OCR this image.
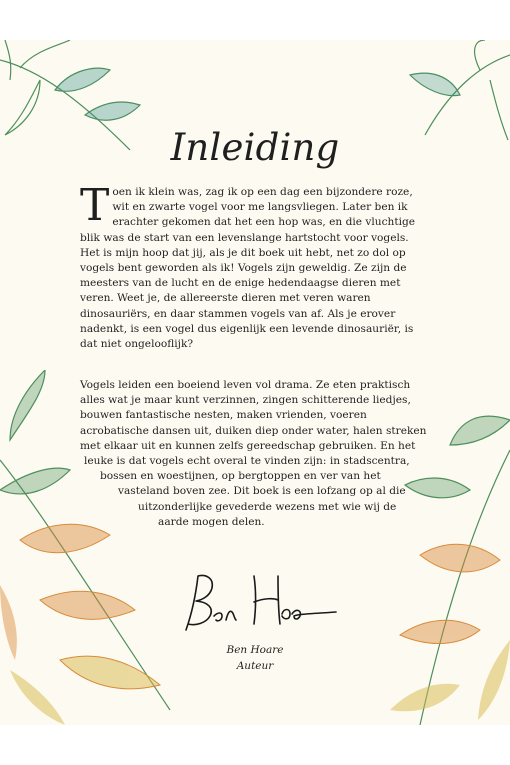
Inleiding
T oen ik klein was, zag ik op een dag een bijzondere roze, wit en zwarte vogel voor me langsvliegen. Later ben ik erachter gekomen dat het een hop was, en die vluchtige blik was de start van een levenslange hartstocht voor vogels. Het is mijn hoop dat jij, als je dit boek uit hebt, net zo dol op vogels bent geworden als ik! Vogels zijn geweldig. Ze zijn de meesters van de lucht en de enige hedendaagse dieren met veren. Weet je, de allereerste dieren met veren waren dinosauriërs, en daar stammen vogels van af. Als je erover nadenkt, is een vogel dus eigenlijk een levende dinosauriër, is dat niet ongelooflijk?
Vogels leiden een boeiend leven vol drama. Ze eten praktisch
alles wat je maar kunt verzinnen, zingen schitterende liedjes,
bouwen fantastische nesten, maken vrienden, voeren
acrobatische dansen uit, duiken diep onder water, halen streken
met elkaar uit en kunnen zelfs gereedschap gebruiken. En het
leuke is dat vogels echt overal te vinden zijn: in stadscentra,
bossen en woestijnen, op bergtoppen en ver van het
vasteland boven zee. Dit boek is een lofzang op al die
uitzonderlijke gevederde wezens met wie wij de
aarde mogen delen.
Ben Hoare
Auteur
